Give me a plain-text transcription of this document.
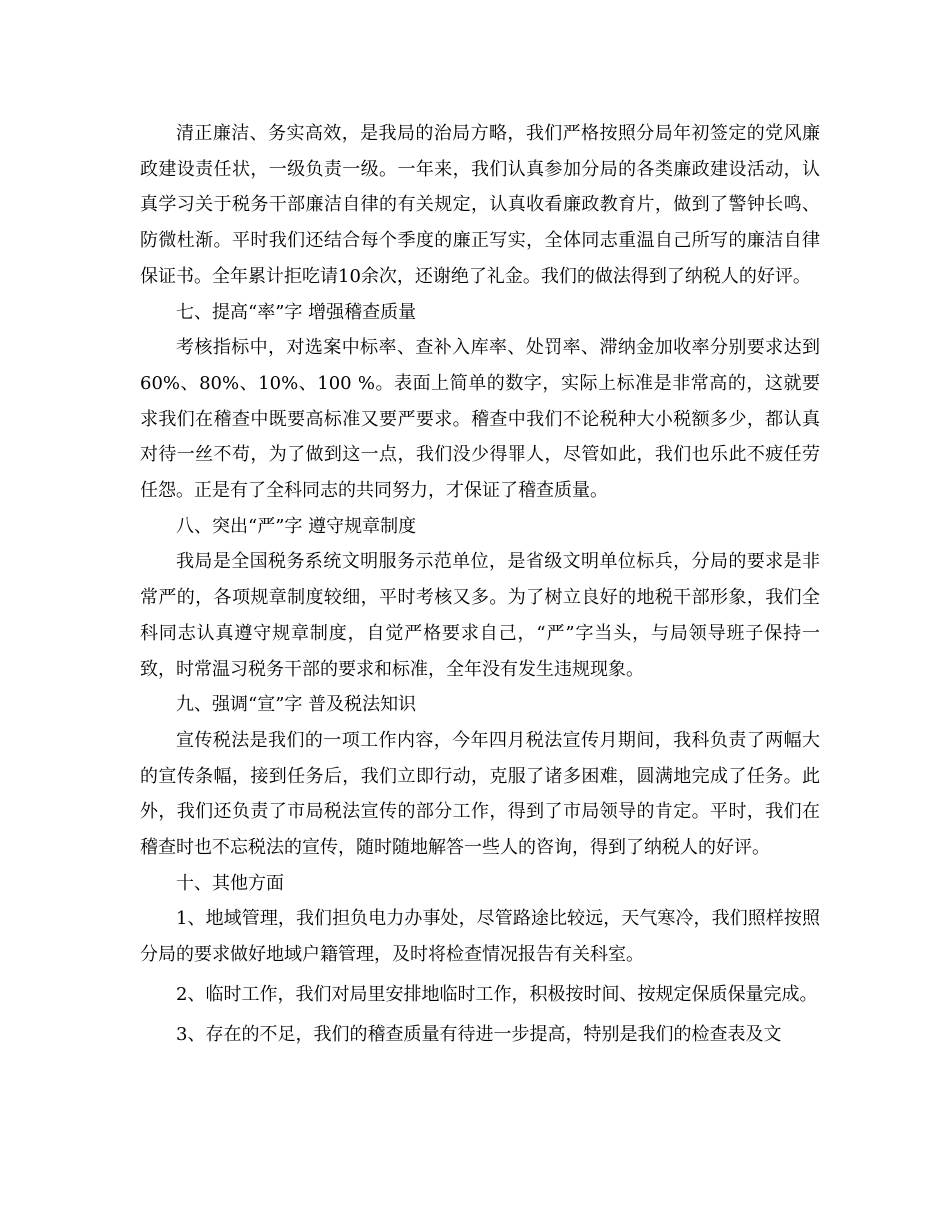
清正廉洁、务实高效，是我局的治局方略，我们严格按照分局年初签定的党风廉政建设责任状，一级负责一级。一年来，我们认真参加分局的各类廉政建设活动，认真学习关于税务干部廉洁自律的有关规定，认真收看廉政教育片，做到了警钟长鸣、防微杜渐。平时我们还结合每个季度的廉正写实，全体同志重温自己所写的廉洁自律保证书。全年累计拒吃请10余次，还谢绝了礼金。我们的做法得到了纳税人的好评。

七、提高“率”字 增强稽查质量

考核指标中，对选案中标率、查补入库率、处罚率、滞纳金加收率分别要求达到60%、80%、10%、100 %。表面上简单的数字，实际上标准是非常高的，这就要求我们在稽查中既要高标准又要严要求。稽查中我们不论税种大小税额多少，都认真对待一丝不苟，为了做到这一点，我们没少得罪人，尽管如此，我们也乐此不疲任劳任怨。正是有了全科同志的共同努力，才保证了稽查质量。

八、突出“严”字 遵守规章制度

我局是全国税务系统文明服务示范单位，是省级文明单位标兵，分局的要求是非常严的，各项规章制度较细，平时考核又多。为了树立良好的地税干部形象，我们全科同志认真遵守规章制度，自觉严格要求自己，“严”字当头，与局领导班子保持一致，时常温习税务干部的要求和标准，全年没有发生违规现象。

九、强调“宣”字 普及税法知识

宣传税法是我们的一项工作内容，今年四月税法宣传月期间，我科负责了两幅大的宣传条幅，接到任务后，我们立即行动，克服了诸多困难，圆满地完成了任务。此外，我们还负责了市局税法宣传的部分工作，得到了市局领导的肯定。平时，我们在稽查时也不忘税法的宣传，随时随地解答一些人的咨询，得到了纳税人的好评。

十、其他方面

1、地域管理，我们担负电力办事处，尽管路途比较远，天气寒冷，我们照样按照分局的要求做好地域户籍管理，及时将检查情况报告有关科室。

2、临时工作，我们对局里安排地临时工作，积极按时间、按规定保质保量完成。

3、存在的不足，我们的稽查质量有待进一步提高，特别是我们的检查表及文
